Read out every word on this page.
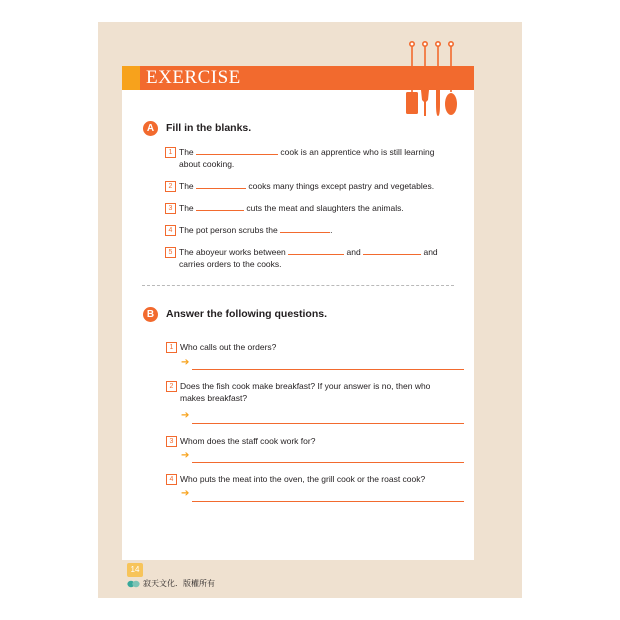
EXERCISE
A	Fill in the blanks.
1 The	cook is an apprentice who is still learning
about cooking.
2 The	cooks many things except pastry and vegetables.
3 The	cuts the meat and slaughters the animals.
4 The pot person scrubs the	.
5 The aboyeur works between	and	and
carries orders to the cooks.
B	Answer the following questions.
1 Who calls out the orders?
➔
2 Does the fish cook make breakfast? If your answer is no, then who
makes breakfast?
➔
3 Whom does the staff cook work for?
➔
4 Who puts the meat into the oven, the grill cook or the roast cook?
➔
14
寂天文化．版權所有
